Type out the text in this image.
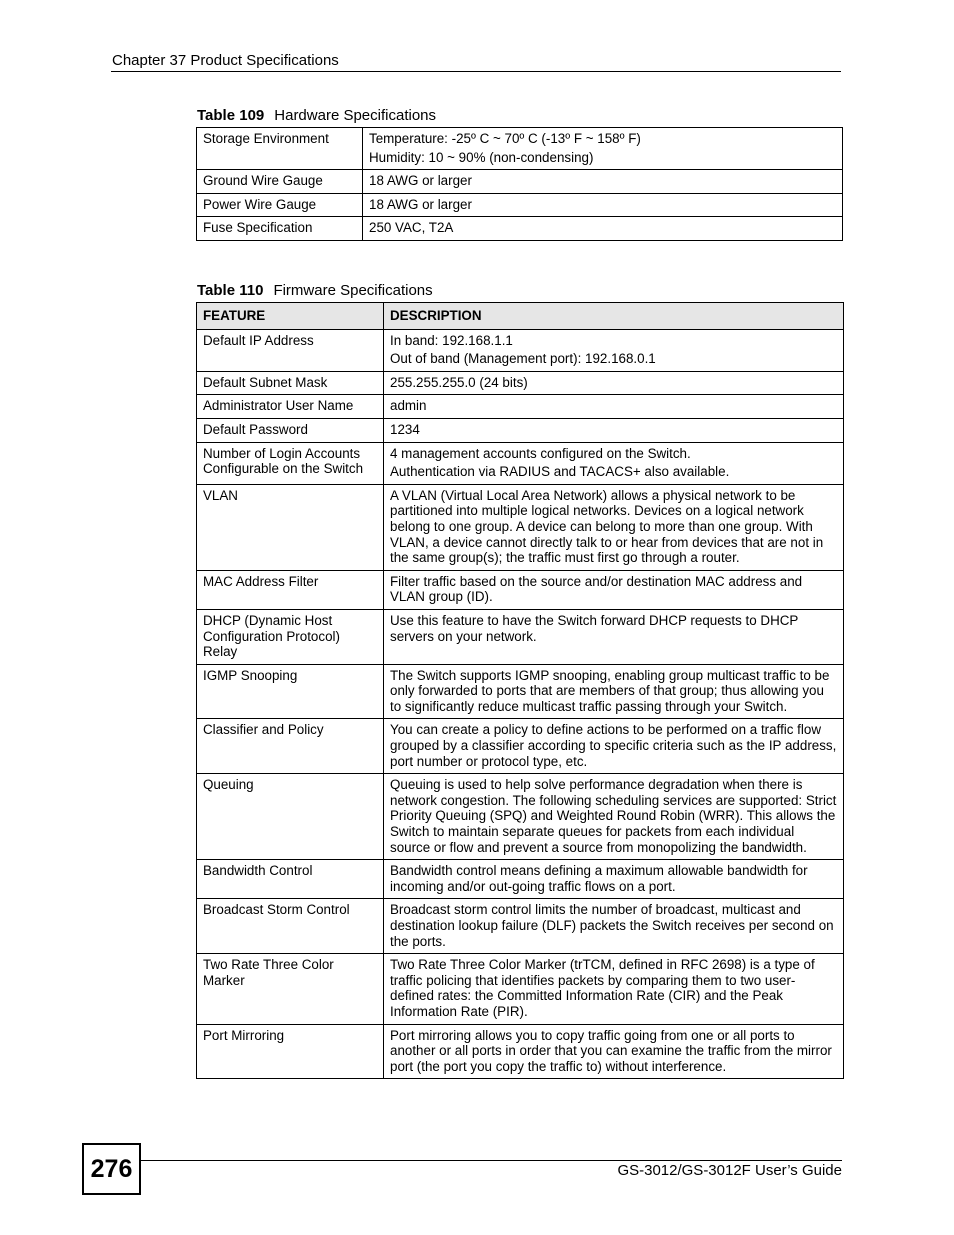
Chapter 37 Product Specifications
Table 109 Hardware Specifications
Storage Environment	Temperature: -25º C ~ 70º C (-13º F ~ 158º F)
Humidity: 10 ~ 90% (non-condensing)

Ground Wire Gauge	18 AWG or larger
Power Wire Gauge	18 AWG or larger
Fuse Specification	250 VAC, T2A
Table 110 Firmware Specifications
FEATURE	DESCRIPTION
Default IP Address	In band: 192.168.1.1
Out of band (Management port): 192.168.0.1

Default Subnet Mask	255.255.255.0 (24 bits)
Administrator User Name	admin
Default Password	1234
Number of Login Accounts Configurable on the Switch	4 management accounts configured on the Switch.
Authentication via RADIUS and TACACS+ also available.

VLAN	A VLAN (Virtual Local Area Network) allows a physical network to be partitioned into multiple logical networks. Devices on a logical network belong to one group. A device can belong to more than one group. With VLAN, a device cannot directly talk to or hear from devices that are not in the same group(s); the traffic must first go through a router.
MAC Address Filter	Filter traffic based on the source and/or destination MAC address and VLAN group (ID).
DHCP (Dynamic Host Configuration Protocol) Relay	Use this feature to have the Switch forward DHCP requests to DHCP servers on your network.
IGMP Snooping	The Switch supports IGMP snooping, enabling group multicast traffic to be only forwarded to ports that are members of that group; thus allowing you to significantly reduce multicast traffic passing through your Switch.
Classifier and Policy	You can create a policy to define actions to be performed on a traffic flow grouped by a classifier according to specific criteria such as the IP address, port number or protocol type, etc.
Queuing	Queuing is used to help solve performance degradation when there is network congestion. The following scheduling services are supported: Strict Priority Queuing (SPQ) and Weighted Round Robin (WRR). This allows the Switch to maintain separate queues for packets from each individual source or flow and prevent a source from monopolizing the bandwidth.
Bandwidth Control	Bandwidth control means defining a maximum allowable bandwidth for incoming and/or out-going traffic flows on a port.
Broadcast Storm Control	Broadcast storm control limits the number of broadcast, multicast and destination lookup failure (DLF) packets the Switch receives per second on the ports.
Two Rate Three Color Marker	Two Rate Three Color Marker (trTCM, defined in RFC 2698) is a type of traffic policing that identifies packets by comparing them to two user-defined rates: the Committed Information Rate (CIR) and the Peak Information Rate (PIR).
Port Mirroring	Port mirroring allows you to copy traffic going from one or all ports to another or all ports in order that you can examine the traffic from the mirror port (the port you copy the traffic to) without interference.
276	GS-3012/GS-3012F User’s Guide
